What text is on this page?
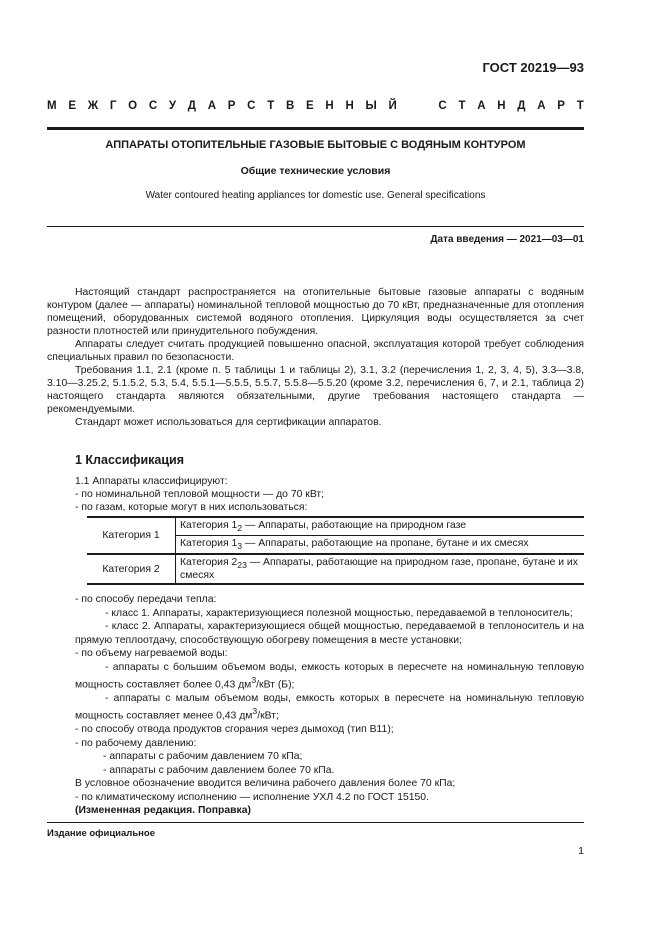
ГОСТ 20219—93
М Е Ж Г О С У Д А Р С Т В Е Н Н Ы Й

	С Т А Н Д А Р Т
АППАРАТЫ ОТОПИТЕЛЬНЫЕ ГАЗОВЫЕ БЫТОВЫЕ С ВОДЯНЫМ КОНТУРОМ
Общие технические условия
Water contoured heating appliances tor domestic use. General specifications
Дата введения — 2021—03—01

Настоящий стандарт распространяется на отопительные бытовые газовые аппараты с водяным контуром (далее — аппараты) номинальной тепловой мощностью до 70 кВт, предназначенные для отопления помещений, оборудованных системой водяного отопления. Циркуляция воды осуществляется за счет разности плотностей или принудительного побуждения.

Аппараты следует считать продукцией повышенно опасной, эксплуатация которой требует соблюдения специальных правил по безопасности.

Требования 1.1, 2.1 (кроме п. 5 таблицы 1 и таблицы 2), 3.1, 3.2 (перечисления 1, 2, 3, 4, 5), 3.3—3.8, 3.10—3.25.2, 5.1.5.2, 5.3, 5.4, 5.5.1—5.5.5, 5.5.7, 5.5.8—5.5.20 (кроме 3.2, перечисления 6, 7, и 2.1, таблица 2) настоящего стандарта являются обязательными, другие требования настоящего стандарта — рекомендуемыми.

Стандарт может использоваться для сертификации аппаратов.

1 Классификация
1.1 Аппараты классифицируют:
- по номинальной тепловой мощности — до 70 кВт;
- по газам, которые могут в них использоваться:
Категория 1	Категория $1_2$ — Аппараты, работающие на природном газе
	Категория $1_3$ — Аппараты, работающие на пропане, бутане и их смесях
Категория 2	Категория $2_{23}$ — Аппараты, работающие на природном газе, пропане, бутане и их смесях
- по способу передачи тепла:
- класс 1. Аппараты, характеризующиеся полезной мощностью, передаваемой в теплоноситель;
- класс 2. Аппараты, характеризующиеся общей мощностью, передаваемой в теплоноситель и на прямую теплоотдачу, способствующую обогреву помещения в месте установки;
- по объему нагреваемой воды:
- аппараты с большим объемом воды, емкость которых в пересчете на номинальную тепловую мощность составляет более 0,43 $дм^3$/кВт (Б);
- аппараты с малым объемом воды, емкость которых в пересчете на номинальную тепловую мощность составляет менее 0,43 $дм^3$/кВт;
- по способу отвода продуктов сгорания через дымоход (тип В11);
- по рабочему давлению:
- аппараты с рабочим давлением 70 кПа;
- аппараты с рабочим давлением более 70 кПа.
В условное обозначение вводится величина рабочего давления более 70 кПа;
- по климатическому исполнению — исполнение УХЛ 4.2 по ГОСТ 15150.
(Измененная редакция. Поправка)
Издание официальное
1
